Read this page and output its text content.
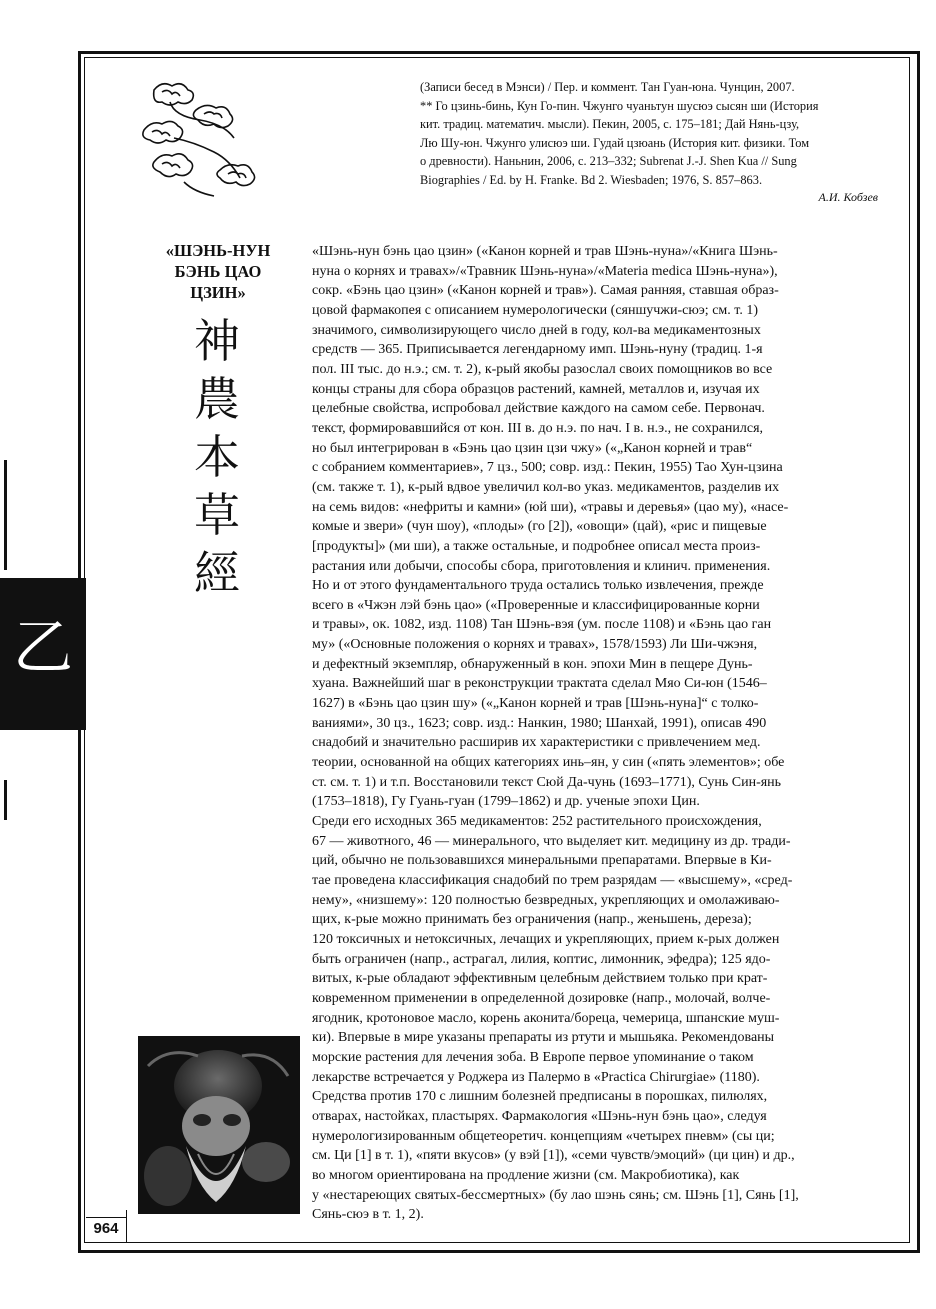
乙
964
(Записи бесед в Мэнси) / Пер. и коммент. Тан Гуан-юна. Чунцин, 2007.
** Го цзинь-бинь, Кун Го-пин. Чжунго чуаньтун шусюэ сысян ши (История
кит. традиц. математич. мысли). Пекин, 2005, с. 175–181; Дай Нянь-цзу,
Лю Шу-юн. Чжунго улисюэ ши. Гудай цзюань (История кит. физики. Том
о древности). Наньнин, 2006, с. 213–332; Subrenat J.-J. Shen Kua // Sung
Biographies / Ed. by H. Franke. Bd 2. Wiesbaden; 1976, S. 857–863.
А.И. Кобзев
«ШЭНЬ-НУН
БЭНЬ ЦАО
ЦЗИН»
神
農
本
草
經
«Шэнь-нун бэнь цао цзин» («Канон корней и трав Шэнь-нуна»/«Книга Шэнь-
нуна о корнях и травах»/«Травник Шэнь-нуна»/«Materia medica Шэнь-нуна»),
сокр. «Бэнь цао цзин» («Канон корней и трав»). Самая ранняя, ставшая образ-
цовой фармакопея с описанием нумерологически (сяншучжи-сюэ; см. т. 1)
значимого, символизирующего число дней в году, кол-ва медикаментозных
средств — 365. Приписывается легендарному имп. Шэнь-нуну (традиц. 1-я
пол. III тыс. до н.э.; см. т. 2), к-рый якобы разослал своих помощников во все
концы страны для сбора образцов растений, камней, металлов и, изучая их
целебные свойства, испробовал действие каждого на самом себе. Первонач.
текст, формировавшийся от кон. III в. до н.э. по нач. I в. н.э., не сохранился,
но был интегрирован в «Бэнь цао цзин цзи чжу» («„Канон корней и трав“
с собранием комментариев», 7 цз., 500; совр. изд.: Пекин, 1955) Тао Хун-цзина
(см. также т. 1), к-рый вдвое увеличил кол-во указ. медикаментов, разделив их
на семь видов: «нефриты и камни» (юй ши), «травы и деревья» (цао му), «насе-
комые и звери» (чун шоу), «плоды» (го [2]), «овощи» (цай), «рис и пищевые
[продукты]» (ми ши), а также остальные, и подробнее описал места произ-
растания или добычи, способы сбора, приготовления и клинич. применения.
Но и от этого фундаментального труда остались только извлечения, прежде
всего в «Чжэн лэй бэнь цао» («Проверенные и классифицированные корни
и травы», ок. 1082, изд. 1108) Тан Шэнь-вэя (ум. после 1108) и «Бэнь цао ган
му» («Основные положения о корнях и травах», 1578/1593) Ли Ши-чжэня,
и дефектный экземпляр, обнаруженный в кон. эпохи Мин в пещере Дунь-
хуана. Важнейший шаг в реконструкции трактата сделал Мяо Си-юн (1546–
1627) в «Бэнь цао цзин шу» («„Канон корней и трав [Шэнь-нуна]“ с толко-
ваниями», 30 цз., 1623; совр. изд.: Нанкин, 1980; Шанхай, 1991), описав 490
снадобий и значительно расширив их характеристики с привлечением мед.
теории, основанной на общих категориях инь–ян, у син («пять элементов»; обе
ст. см. т. 1) и т.п. Восстановили текст Сюй Да-чунь (1693–1771), Сунь Син-янь
(1753–1818), Гу Гуань-гуан (1799–1862) и др. ученые эпохи Цин.
Среди его исходных 365 медикаментов: 252 растительного происхождения,
67 — животного, 46 — минерального, что выделяет кит. медицину из др. тради-
ций, обычно не пользовавшихся минеральными препаратами. Впервые в Ки-
тае проведена классификация снадобий по трем разрядам — «высшему», «сред-
нему», «низшему»: 120 полностью безвредных, укрепляющих и омолаживаю-
щих, к-рые можно принимать без ограничения (напр., женьшень, дереза);
120 токсичных и нетоксичных, лечащих и укрепляющих, прием к-рых должен
быть ограничен (напр., астрагал, лилия, коптис, лимонник, эфедра); 125 ядо-
витых, к-рые обладают эффективным целебным действием только при крат-
ковременном применении в определенной дозировке (напр., молочай, волче-
ягодник, кротоновое масло, корень аконита/бореца, чемерица, шпанские муш-
ки). Впервые в мире указаны препараты из ртути и мышьяка. Рекомендованы
морские растения для лечения зоба. В Европе первое упоминание о таком
лекарстве встречается у Роджера из Палермо в «Practica Chirurgiae» (1180).
Средства против 170 с лишним болезней предписаны в порошках, пилюлях,
отварах, настойках, пластырях. Фармакология «Шэнь-нун бэнь цао», следуя
нумерологизированным общетеоретич. концепциям «четырех пневм» (сы ци;
см. Ци [1] в т. 1), «пяти вкусов» (у вэй [1]), «семи чувств/эмоций» (ци цин) и др.,
во многом ориентирована на продление жизни (см. Макробиотика), как
у «нестареющих святых-бессмертных» (бу лао шэнь сянь; см. Шэнь [1], Сянь [1],
Сянь-сюэ в т. 1, 2).
